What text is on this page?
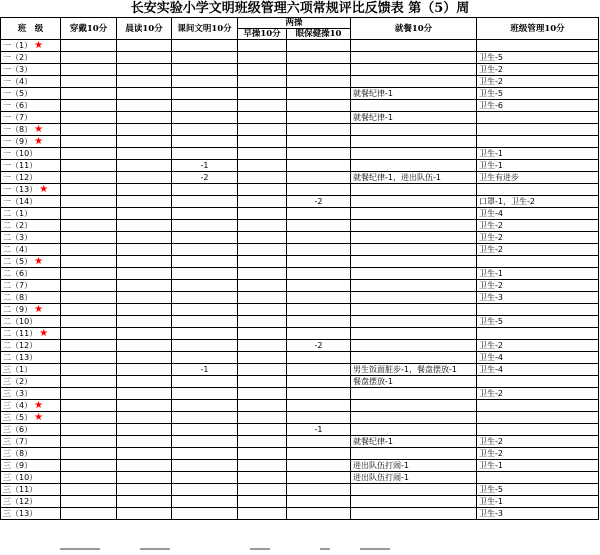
长安实验小学文明班级管理六项常规评比反馈表 第（5）周
班　级	穿戴10分	晨读10分	课间文明10分	两操		就餐10分	班级管理10分
				早操10分	眼保健操10		
一（1） ★							
一（2）							卫生-5
一（3）							卫生-2
一（4）							卫生-2
一（5）						就餐纪律-1	卫生-5
一（6）							卫生-6
一（7）						就餐纪律-1	
一（8） ★							
一（9） ★							
一（10）							卫生-1
一（11）			-1				卫生-1
一（12）			-2			就餐纪律-1，进出队伍-1	卫生有进步
一（13） ★							
一（14）					-2		口罩-1，卫生-2
二（1）							卫生-4
二（2）							卫生-2
二（3）							卫生-2
二（4）							卫生-2
二（5） ★							
二（6）							卫生-1
二（7）							卫生-2
二（8）							卫生-3
二（9） ★							
二（10）							卫生-5
二（11） ★							
二（12）					-2		卫生-2
二（13）							卫生-4
三（1）			-1			男生饭面脏步-1，餐盘摆放-1	卫生-4
三（2）						餐盘摆放-1	
三（3）							卫生-2
三（4） ★							
三（5） ★							
三（6）					-1		
三（7）						就餐纪律-1	卫生-2
三（8）							卫生-2
三（9）						进出队伍打闹-1	卫生-1
三（10）						进出队伍打闹-1	
三（11）							卫生-5
三（12）							卫生-1
三（13）							卫生-3
